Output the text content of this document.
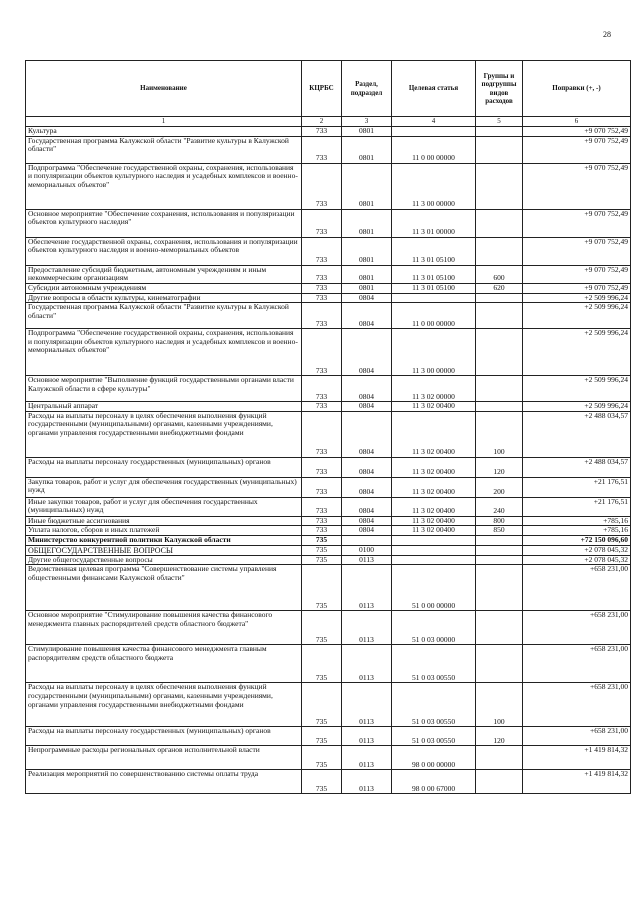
28
Наименование	КЦРБС	Раздел, подраздел	Целевая статья	Группы и подгруппы видов расходов	Поправки (+, -)
1	2	3	4	5	6
Культура	733	0801			+9 070 752,49
Государственная программа Калужской области "Развитие культуры в Калужской области"	733	0801	11 0 00 00000		+9 070 752,49
Подпрограмма "Обеспечение государственной охраны, сохранения, использования и популяризации объектов культурного наследия и усадебных комплексов и военно-мемориальных объектов"	733	0801	11 3 00 00000		+9 070 752,49
Основное мероприятие "Обеспечение сохранения, использования и популяризации объектов культурного наследия"	733	0801	11 3 01 00000		+9 070 752,49
Обеспечение государственной охраны, сохранения, использования и популяризации объектов культурного наследия и военно-мемориальных объектов	733	0801	11 3 01 05100		+9 070 752,49
Предоставление субсидий бюджетным, автономным учреждениям и иным некоммерческим организациям	733	0801	11 3 01 05100	600	+9 070 752,49
Субсидии автономным учреждениям	733	0801	11 3 01 05100	620	+9 070 752,49
Другие вопросы в области культуры, кинематографии	733	0804			+2 509 996,24
Государственная программа Калужской области "Развитие культуры в Калужской области"	733	0804	11 0 00 00000		+2 509 996,24
Подпрограмма "Обеспечение государственной охраны, сохранения, использования и популяризации объектов культурного наследия и усадебных комплексов и военно-мемориальных объектов"	733	0804	11 3 00 00000		+2 509 996,24
Основное мероприятие "Выполнение функций государственными органами власти Калужской области в сфере культуры"	733	0804	11 3 02 00000		+2 509 996,24
Центральный аппарат	733	0804	11 3 02 00400		+2 509 996,24
Расходы на выплаты персоналу в целях обеспечения выполнения функций государственными (муниципальными) органами, казенными учреждениями, органами управления государственными внебюджетными фондами	733	0804	11 3 02 00400	100	+2 488 034,57
Расходы на выплаты персоналу государственных (муниципальных) органов	733	0804	11 3 02 00400	120	+2 488 034,57
Закупка товаров, работ и услуг для обеспечения государственных (муниципальных) нужд	733	0804	11 3 02 00400	200	+21 176,51
Иные закупки товаров, работ и услуг для обеспечения государственных (муниципальных) нужд	733	0804	11 3 02 00400	240	+21 176,51
Иные бюджетные ассигнования	733	0804	11 3 02 00400	800	+785,16
Уплата налогов, сборов и иных платежей	733	0804	11 3 02 00400	850	+785,16
Министерство конкурентной политики Калужской области	735				+72 150 096,60
ОБЩЕГОСУДАРСТВЕННЫЕ ВОПРОСЫ	735	0100			+2 078 045,32
Другие общегосударственные вопросы	735	0113			+2 078 045,32
Ведомственная целевая программа "Совершенствование системы управления общественными финансами Калужской области"	735	0113	51 0 00 00000		+658 231,00
Основное мероприятие "Стимулирование повышения качества финансового менеджмента главных распорядителей средств областного бюджета"	735	0113	51 0 03 00000		+658 231,00
Стимулирование повышения качества финансового менеджмента главным распорядителям средств областного бюджета	735	0113	51 0 03 00550		+658 231,00
Расходы на выплаты персоналу в целях обеспечения выполнения функций государственными (муниципальными) органами, казенными учреждениями, органами управления государственными внебюджетными фондами	735	0113	51 0 03 00550	100	+658 231,00
Расходы на выплаты персоналу государственных (муниципальных) органов	735	0113	51 0 03 00550	120	+658 231,00
Непрограммные расходы региональных органов исполнительной власти	735	0113	98 0 00 00000		+1 419 814,32
Реализация мероприятий по совершенствованию системы оплаты труда	735	0113	98 0 00 67000		+1 419 814,32
